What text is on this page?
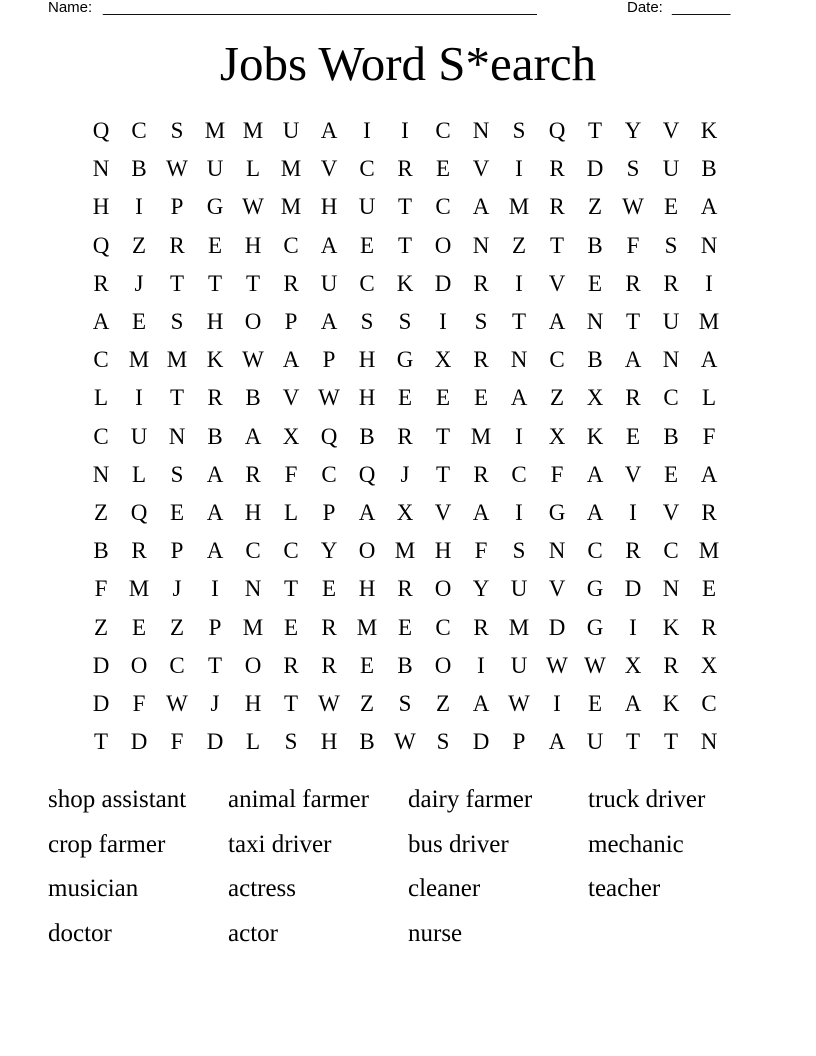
Name: ____________________________________________________	Date: _______
Jobs Word S*earch
Q C	S M M U A	I	I	C N	S	Q T Y V K
N B W U L M V C R	E V	I	R D	S	U B
H	I	P	G W M H U T	C A M R	Z W E A
Q Z	R	E H C A E	T O N Z	T	B	F	S	N
R	J	T	T	T	R U C K D R	I	V E	R R	I
A E	S	H O	P	A	S	S	I	S	T A N T U M
C M M K W A	P	H G X R N C B A N A
L	I	T	R B V W H E	E	E A Z X R C	L
C U N B A X Q B R	T M	I	X K E	B	F
N L	S	A R	F	C Q	J	T	R C	F	A V E A
Z Q E A H L	P	A X V A	I	G A	I	V R
B R	P	A C C Y O M H	F	S	N C R C M
F M	J	I	N T	E H R O Y U V G D N E
Z	E	Z	P M E	R M E	C R M D G	I	K R
D O C	T O R R	E	B O	I	U W W X R X
D	F W J	H T W Z	S	Z A W	I	E A K C
T D	F	D L	S	H B W S	D	P	A U T	T N
shop assistant	animal farmer	dairy farmer	truck driver
crop farmer	taxi driver	bus driver	mechanic
musician	actress	cleaner	teacher
doctor	actor	nurse
